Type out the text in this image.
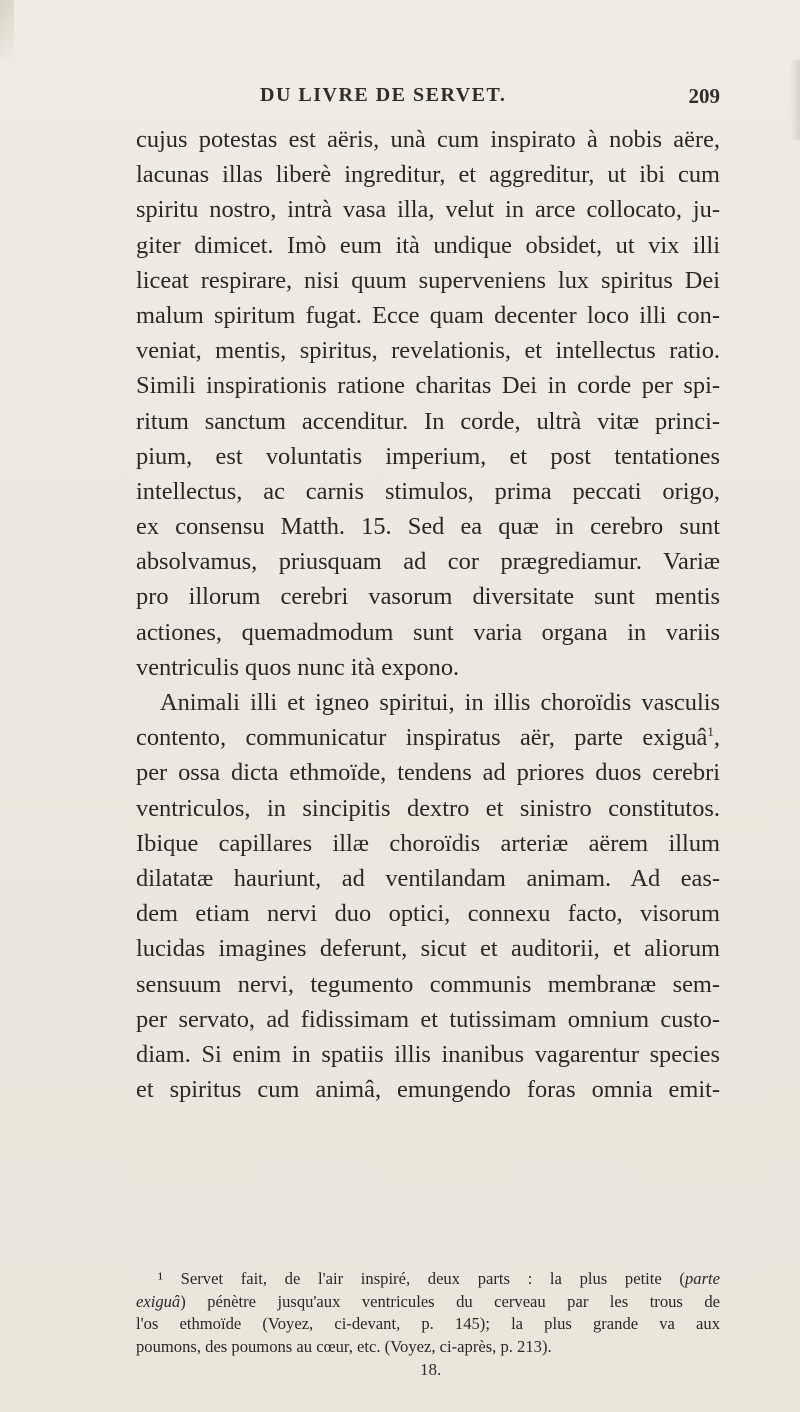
DU LIVRE DE SERVET.	209
cujus potestas est aëris, unà cum inspirato à nobis aëre,
lacunas illas liberè ingreditur, et aggreditur, ut ibi cum
spiritu nostro, intrà vasa illa, velut in arce collocato, ju-
giter dimicet. Imò eum ità undique obsidet, ut vix illi
liceat respirare, nisi quum superveniens lux spiritus Dei
malum spiritum fugat. Ecce quam decenter loco illi con-
veniat, mentis, spiritus, revelationis, et intellectus ratio.
Simili inspirationis ratione charitas Dei in corde per spi-
ritum sanctum accenditur. In corde, ultrà vitæ princi-
pium, est voluntatis imperium, et post tentationes
intellectus, ac carnis stimulos, prima peccati origo,
ex consensu Matth. 15. Sed ea quæ in cerebro sunt
absolvamus, priusquam ad cor prægrediamur. Variæ
pro illorum cerebri vasorum diversitate sunt mentis
actiones, quemadmodum sunt varia organa in variis
ventriculis quos nunc ità expono.
Animali illi et igneo spiritui, in illis choroïdis vasculis
contento, communicatur inspiratus aër, parte exiguâ$^1$,
per ossa dicta ethmoïde, tendens ad priores duos cerebri
ventriculos, in sincipitis dextro et sinistro constitutos.
Ibique capillares illæ choroïdis arteriæ aërem illum
dilatatæ hauriunt, ad ventilandam animam. Ad eas-
dem etiam nervi duo optici, connexu facto, visorum
lucidas imagines deferunt, sicut et auditorii, et aliorum
sensuum nervi, tegumento communis membranæ sem-
per servato, ad fidissimam et tutissimam omnium custo-
diam. Si enim in spatiis illis inanibus vagarentur species
et spiritus cum animâ, emungendo foras omnia emit-
¹ Servet fait, de l'air inspiré, deux parts : la plus petite (parte
exiguâ) pénètre jusqu'aux ventricules du cerveau par les trous de
l'os ethmoïde (Voyez, ci-devant, p. 145); la plus grande va aux
poumons, des poumons au cœur, etc. (Voyez, ci-après, p. 213).
18.
